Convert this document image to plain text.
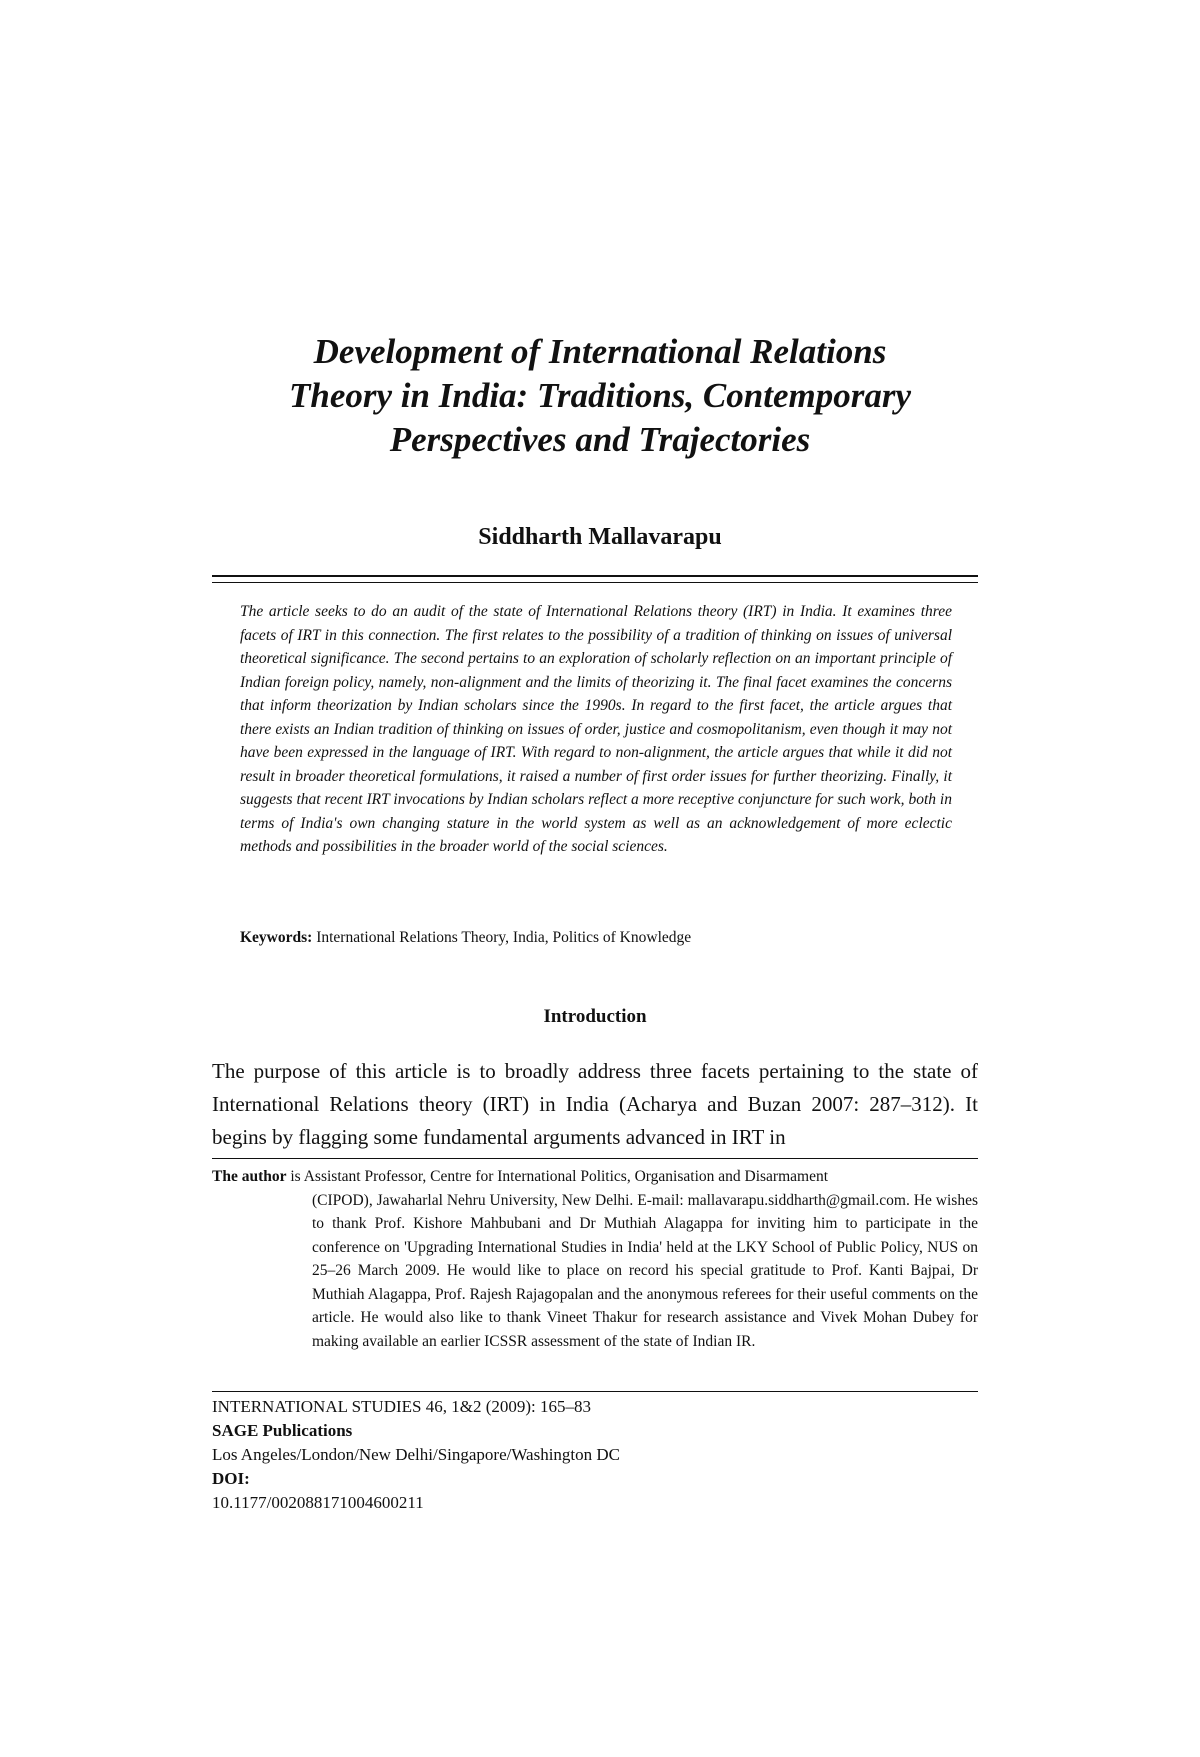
Development of International Relations
Theory in India: Traditions, Contemporary
Perspectives and Trajectories

Siddharth Mallavarapu

The article seeks to do an audit of the state of International Relations theory (IRT) in India. It examines three facets of IRT in this connection. The first relates to the possibility of a tradition of thinking on issues of universal theoretical significance. The second pertains to an exploration of scholarly reflection on an important principle of Indian foreign policy, namely, non-alignment and the limits of theorizing it. The final facet examines the concerns that inform theorization by Indian scholars since the 1990s. In regard to the first facet, the article argues that there exists an Indian tradition of thinking on issues of order, justice and cosmopolitanism, even though it may not have been expressed in the language of IRT. With regard to non-alignment, the article argues that while it did not result in broader theoretical formulations, it raised a number of first order issues for further theorizing. Finally, it suggests that recent IRT invocations by Indian scholars reflect a more receptive conjuncture for such work, both in terms of India's own changing stature in the world system as well as an acknowledgement of more eclectic methods and possibilities in the broader world of the social sciences.

Keywords: International Relations Theory, India, Politics of Knowledge

Introduction

The purpose of this article is to broadly address three facets pertaining to the state of International Relations theory (IRT) in India (Acharya and Buzan 2007: 287–312). It begins by flagging some fundamental arguments advanced in IRT in

The author is Assistant Professor, Centre for International Politics, Organisation and Disarmament
(CIPOD), Jawaharlal Nehru University, New Delhi. E-mail: mallavarapu.siddharth@gmail.com. He wishes to thank Prof. Kishore Mahbubani and Dr Muthiah Alagappa for inviting him to participate in the conference on 'Upgrading International Studies in India' held at the LKY School of Public Policy, NUS on 25–26 March 2009. He would like to place on record his special gratitude to Prof. Kanti Bajpai, Dr Muthiah Alagappa, Prof. Rajesh Rajagopalan and the anonymous referees for their useful comments on the article. He would also like to thank Vineet Thakur for research assistance and Vivek Mohan Dubey for making available an earlier ICSSR assessment of the state of Indian IR.
INTERNATIONAL STUDIES 46, 1&2 (2009): 165–83
SAGE Publications
Los Angeles/London/New Delhi/Singapore/Washington DC
DOI:
10.1177/002088171004600211
